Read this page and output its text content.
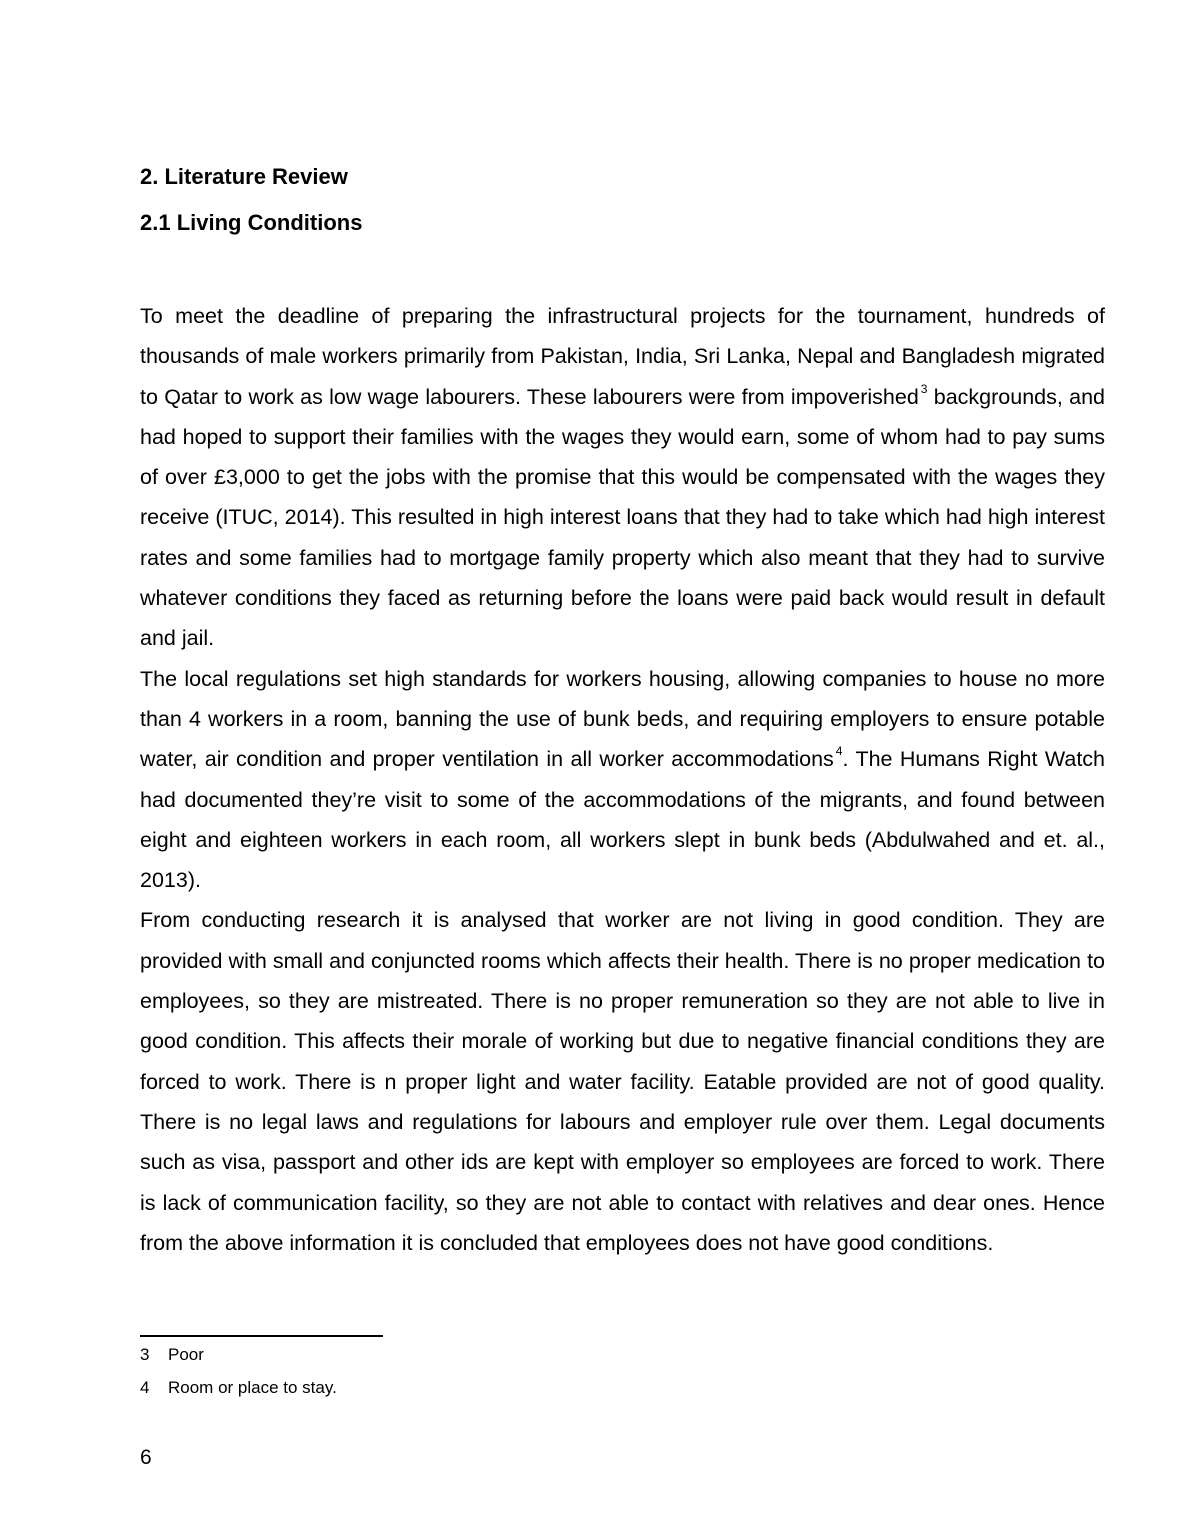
2. Literature Review
2.1 Living Conditions

To meet the deadline of preparing the infrastructural projects for the tournament, hundreds of thousands of male workers primarily from Pakistan, India, Sri Lanka, Nepal and Bangladesh migrated to Qatar to work as low wage labourers. These labourers were from impoverished $^3$ backgrounds, and had hoped to support their families with the wages they would earn, some of whom had to pay sums of over £3,000 to get the jobs with the promise that this would be compensated with the wages they receive (ITUC, 2014). This resulted in high interest loans that they had to take which had high interest rates and some families had to mortgage family property which also meant that they had to survive whatever conditions they faced as returning before the loans were paid back would result in default and jail.

The local regulations set high standards for workers housing, allowing companies to house no more than 4 workers in a room, banning the use of bunk beds, and requiring employers to ensure potable water, air condition and proper ventilation in all worker accommodations $^4$. The Humans Right Watch had documented they’re visit to some of the accommodations of the migrants, and found between eight and eighteen workers in each room, all workers slept in bunk beds (Abdulwahed and et. al., 2013).

From conducting research it is analysed that worker are not living in good condition. They are provided with small and conjuncted rooms which affects their health. There is no proper medication to employees, so they are mistreated. There is no proper remuneration so they are not able to live in good condition. This affects their morale of working but due to negative financial conditions they are forced to work. There is n proper light and water facility. Eatable provided are not of good quality. There is no legal laws and regulations for labours and employer rule over them. Legal documents such as visa, passport and other ids are kept with employer so employees are forced to work. There is lack of communication facility, so they are not able to contact with relatives and dear ones. Hence from the above information it is concluded that employees does not have good conditions.

3 Poor
4 Room or place to stay.
6
